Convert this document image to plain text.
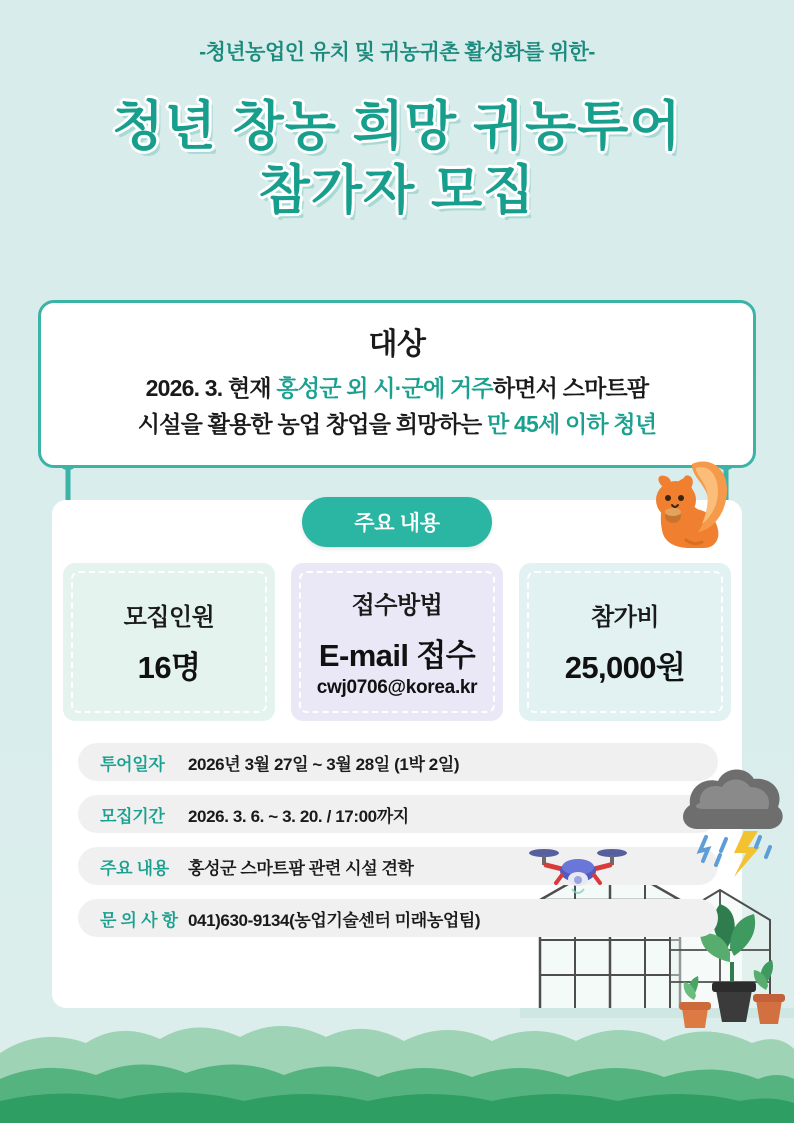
-청년농업인 유치 및 귀농귀촌 활성화를 위한-
청년 창농 희망 귀농투어
참가자 모집
대상
2026. 3. 현재 홍성군 외 시·군에 거주하면서 스마트팜
시설을 활용한 농업 창업을 희망하는 만 45세 이하 청년
주요 내용
모집인원
16명
접수방법
E-mail 접수
cwj0706@korea.kr
참가비
25,000원
투어일자	2026년 3월 27일 ~ 3월 28일 (1박 2일)
모집기간	2026. 3. 6. ~ 3. 20. / 17:00까지
주요 내용	홍성군 스마트팜 관련 시설 견학
문 의 사 항 041)630-9134(농업기술센터 미래농업팀)
